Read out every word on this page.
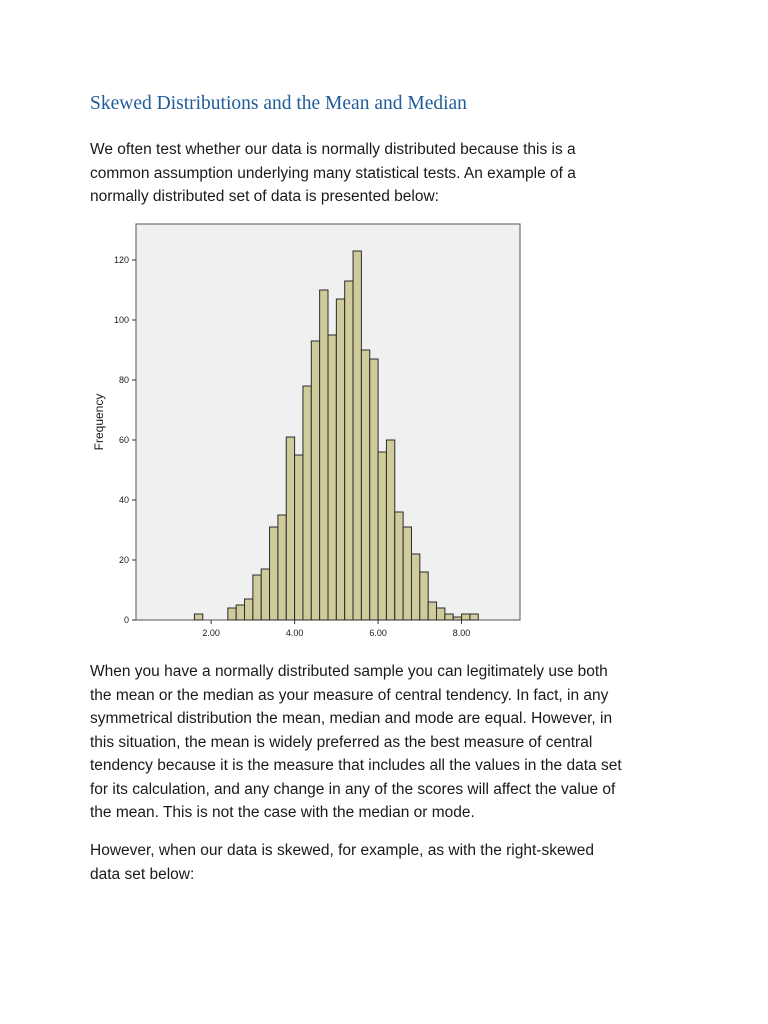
Skewed Distributions and the Mean and Median

We often test whether our data is normally distributed because this is a
common assumption underlying many statistical tests. An example of a
normally distributed set of data is presented below:

2.00	4.00	6.00	8.00
0
20
40
60
80
100
120
Frequency

When you have a normally distributed sample you can legitimately use both
the mean or the median as your measure of central tendency. In fact, in any
symmetrical distribution the mean, median and mode are equal. However, in
this situation, the mean is widely preferred as the best measure of central
tendency because it is the measure that includes all the values in the data set
for its calculation, and any change in any of the scores will affect the value of
the mean. This is not the case with the median or mode.

However, when our data is skewed, for example, as with the right-skewed
data set below:
